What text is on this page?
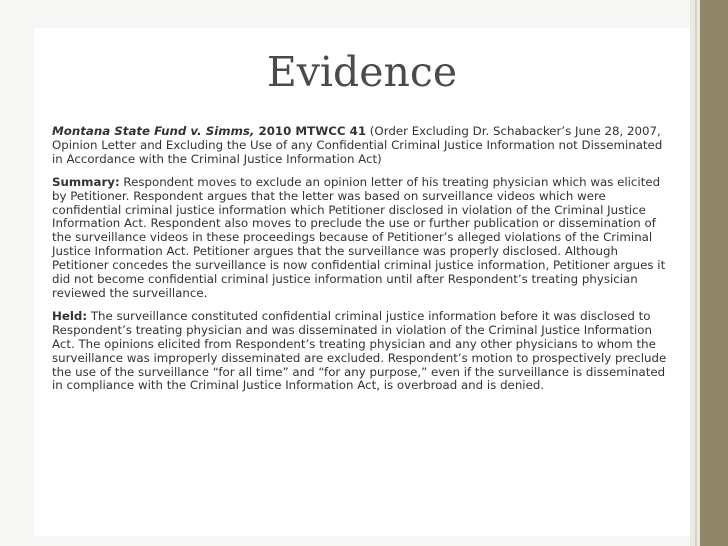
Evidence

Montana State Fund v. Simms, 2010 MTWCC 41 (Order Excluding Dr. Schabacker’s June 28, 2007, Opinion Letter and Excluding the Use of any Confidential Criminal Justice Information not Disseminated in Accordance with the Criminal Justice Information Act)

Summary: Respondent moves to exclude an opinion letter of his treating physician which was elicited by Petitioner. Respondent argues that the letter was based on surveillance videos which were confidential criminal justice information which Petitioner disclosed in violation of the Criminal Justice Information Act. Respondent also moves to preclude the use or further publication or dissemination of the surveillance videos in these proceedings because of Petitioner’s alleged violations of the Criminal Justice Information Act. Petitioner argues that the surveillance was properly disclosed. Although Petitioner concedes the surveillance is now confidential criminal justice information, Petitioner argues it did not become confidential criminal justice information until after Respondent’s treating physician reviewed the surveillance.

Held: The surveillance constituted confidential criminal justice information before it was disclosed to Respondent’s treating physician and was disseminated in violation of the Criminal Justice Information Act. The opinions elicited from Respondent’s treating physician and any other physicians to whom the surveillance was improperly disseminated are excluded. Respondent’s motion to prospectively preclude the use of the surveillance “for all time” and “for any purpose,” even if the surveillance is disseminated in compliance with the Criminal Justice Information Act, is overbroad and is denied.
